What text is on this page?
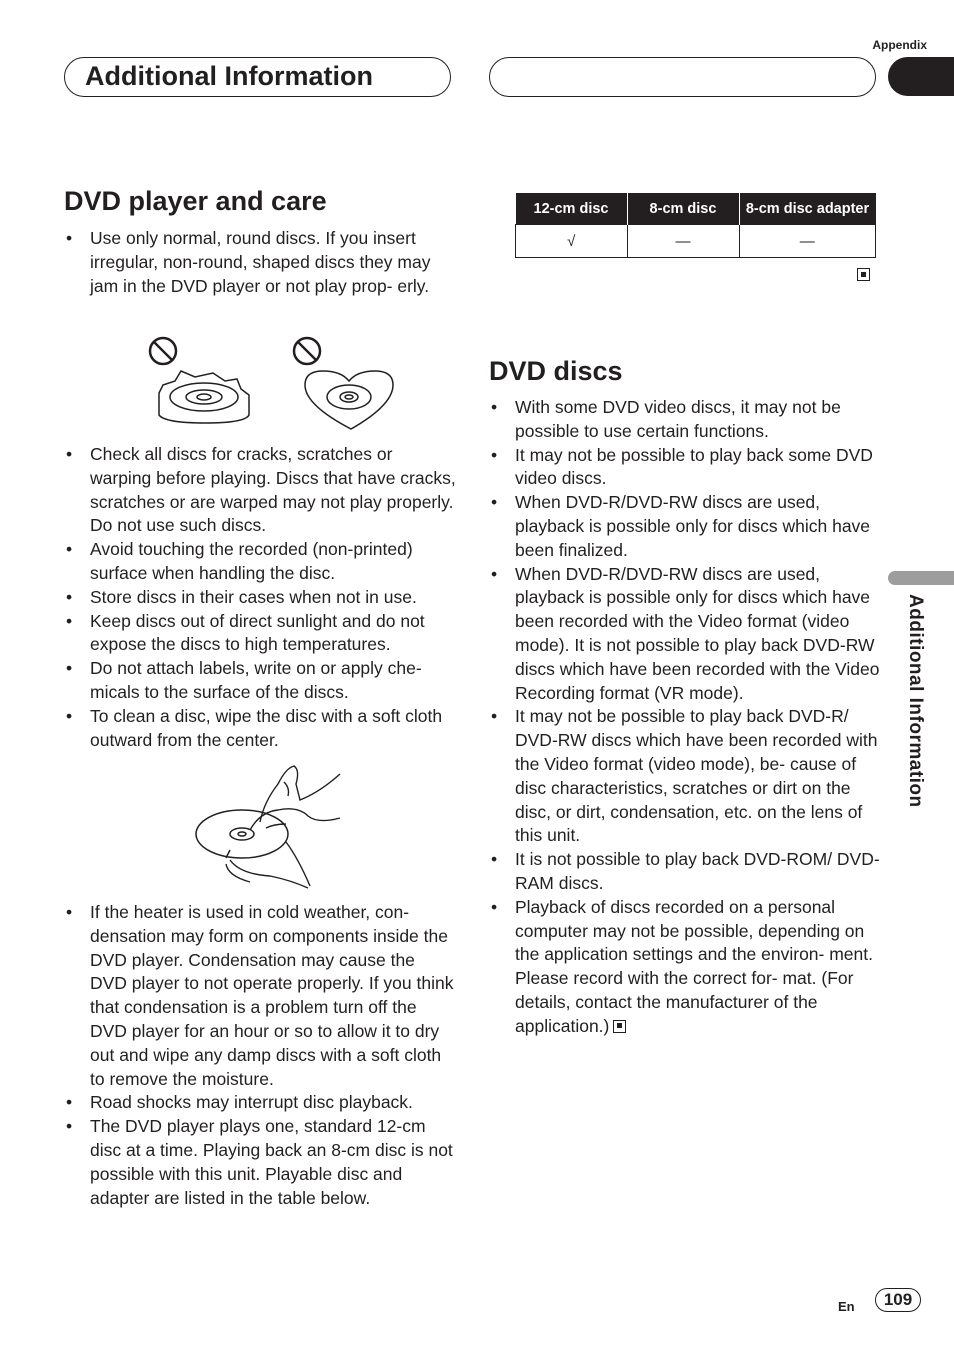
Appendix
Additional Information
Additional Information
DVD player and care
• Use only normal, round discs. If you insert irregular, non-round, shaped discs they may jam in the DVD player or not play prop- erly.
• Check all discs for cracks, scratches or warping before playing. Discs that have cracks, scratches or are warped may not play properly. Do not use such discs.
• Avoid touching the recorded (non-printed) surface when handling the disc.
• Store discs in their cases when not in use.
• Keep discs out of direct sunlight and do not expose the discs to high temperatures.
• Do not attach labels, write on or apply che- micals to the surface of the discs.
• To clean a disc, wipe the disc with a soft cloth outward from the center.
• If the heater is used in cold weather, con- densation may form on components inside the DVD player. Condensation may cause the DVD player to not operate properly. If you think that condensation is a problem turn off the DVD player for an hour or so to allow it to dry out and wipe any damp discs with a soft cloth to remove the moisture.
• Road shocks may interrupt disc playback.
• The DVD player plays one, standard 12-cm disc at a time. Playing back an 8-cm disc is not possible with this unit. Playable disc and adapter are listed in the table below.
12-cm disc	8-cm disc	8-cm disc adapter
√	—	—
DVD discs
• With some DVD video discs, it may not be possible to use certain functions.
• It may not be possible to play back some DVD video discs.
• When DVD-R/DVD-RW discs are used, playback is possible only for discs which have been finalized.
• When DVD-R/DVD-RW discs are used, playback is possible only for discs which have been recorded with the Video format (video mode). It is not possible to play back DVD-RW discs which have been recorded with the Video Recording format (VR mode).
• It may not be possible to play back DVD-R/ DVD-RW discs which have been recorded with the Video format (video mode), be- cause of disc characteristics, scratches or dirt on the disc, or dirt, condensation, etc. on the lens of this unit.
• It is not possible to play back DVD-ROM/ DVD-RAM discs.
• Playback of discs recorded on a personal computer may not be possible, depending on the application settings and the environ- ment. Please record with the correct for- mat. (For details, contact the manufacturer of the application.)
En	109
